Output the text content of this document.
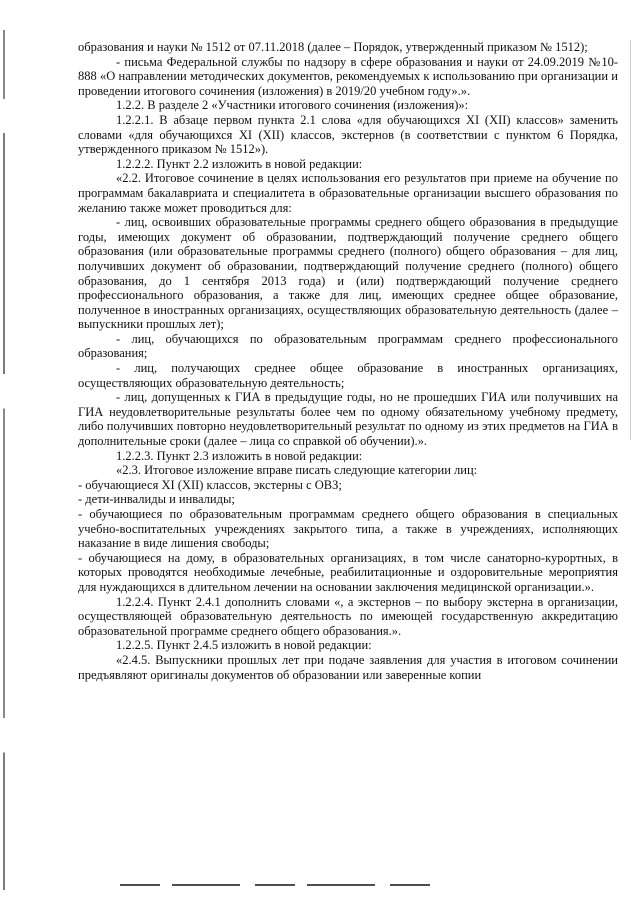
образования и науки № 1512 от 07.11.2018 (далее – Порядок, утвержденный приказом № 1512);

- письма Федеральной службы по надзору в сфере образования и науки от 24.09.2019 №10-888 «О направлении методических документов, рекомендуемых к использованию при организации и проведении итогового сочинения (изложения) в 2019/20 учебном году».».

1.2.2. В разделе 2 «Участники итогового сочинения (изложения)»:

1.2.2.1. В абзаце первом пункта 2.1 слова «для обучающихся XI (XII) классов» заменить словами «для обучающихся XI (XII) классов, экстернов (в соответствии с пунктом 6 Порядка, утвержденного приказом № 1512»).

1.2.2.2. Пункт 2.2 изложить в новой редакции:

«2.2. Итоговое сочинение в целях использования его результатов при приеме на обучение по программам бакалавриата и специалитета в образовательные организации высшего образования по желанию также может проводиться для:

- лиц, освоивших образовательные программы среднего общего образования в предыдущие годы, имеющих документ об образовании, подтверждающий получение среднего общего образования (или образовательные программы среднего (полного) общего образования – для лиц, получивших документ об образовании, подтверждающий получение среднего (полного) общего образования, до 1 сентября 2013 года) и (или) подтверждающий получение среднего профессионального образования, а также для лиц, имеющих среднее общее образование, полученное в иностранных организациях, осуществляющих образовательную деятельность (далее – выпускники прошлых лет);

- лиц, обучающихся по образовательным программам среднего профессионального образования;

- лиц, получающих среднее общее образование в иностранных организациях, осуществляющих образовательную деятельность;

- лиц, допущенных к ГИА в предыдущие годы, но не прошедших ГИА или получивших на ГИА неудовлетворительные результаты более чем по одному обязательному учебному предмету, либо получивших повторно неудовлетворительный результат по одному из этих предметов на ГИА в дополнительные сроки (далее – лица со справкой об обучении).».

1.2.2.3. Пункт 2.3 изложить в новой редакции:

«2.3. Итоговое изложение вправе писать следующие категории лиц:

- обучающиеся XI (XII) классов, экстерны с ОВЗ;

- дети-инвалиды и инвалиды;

- обучающиеся по образовательным программам среднего общего образования в специальных учебно-воспитательных учреждениях закрытого типа, а также в учреждениях, исполняющих наказание в виде лишения свободы;

- обучающиеся на дому, в образовательных организациях, в том числе санаторно-курортных, в которых проводятся необходимые лечебные, реабилитационные и оздоровительные мероприятия для нуждающихся в длительном лечении на основании заключения медицинской организации.».

1.2.2.4. Пункт 2.4.1 дополнить словами «, а экстернов – по выбору экстерна в организации, осуществляющей образовательную деятельность по имеющей государственную аккредитацию образовательной программе среднего общего образования.».

1.2.2.5. Пункт 2.4.5 изложить в новой редакции:

«2.4.5. Выпускники прошлых лет при подаче заявления для участия в итоговом сочинении предъявляют оригиналы документов об образовании или заверенные копии
